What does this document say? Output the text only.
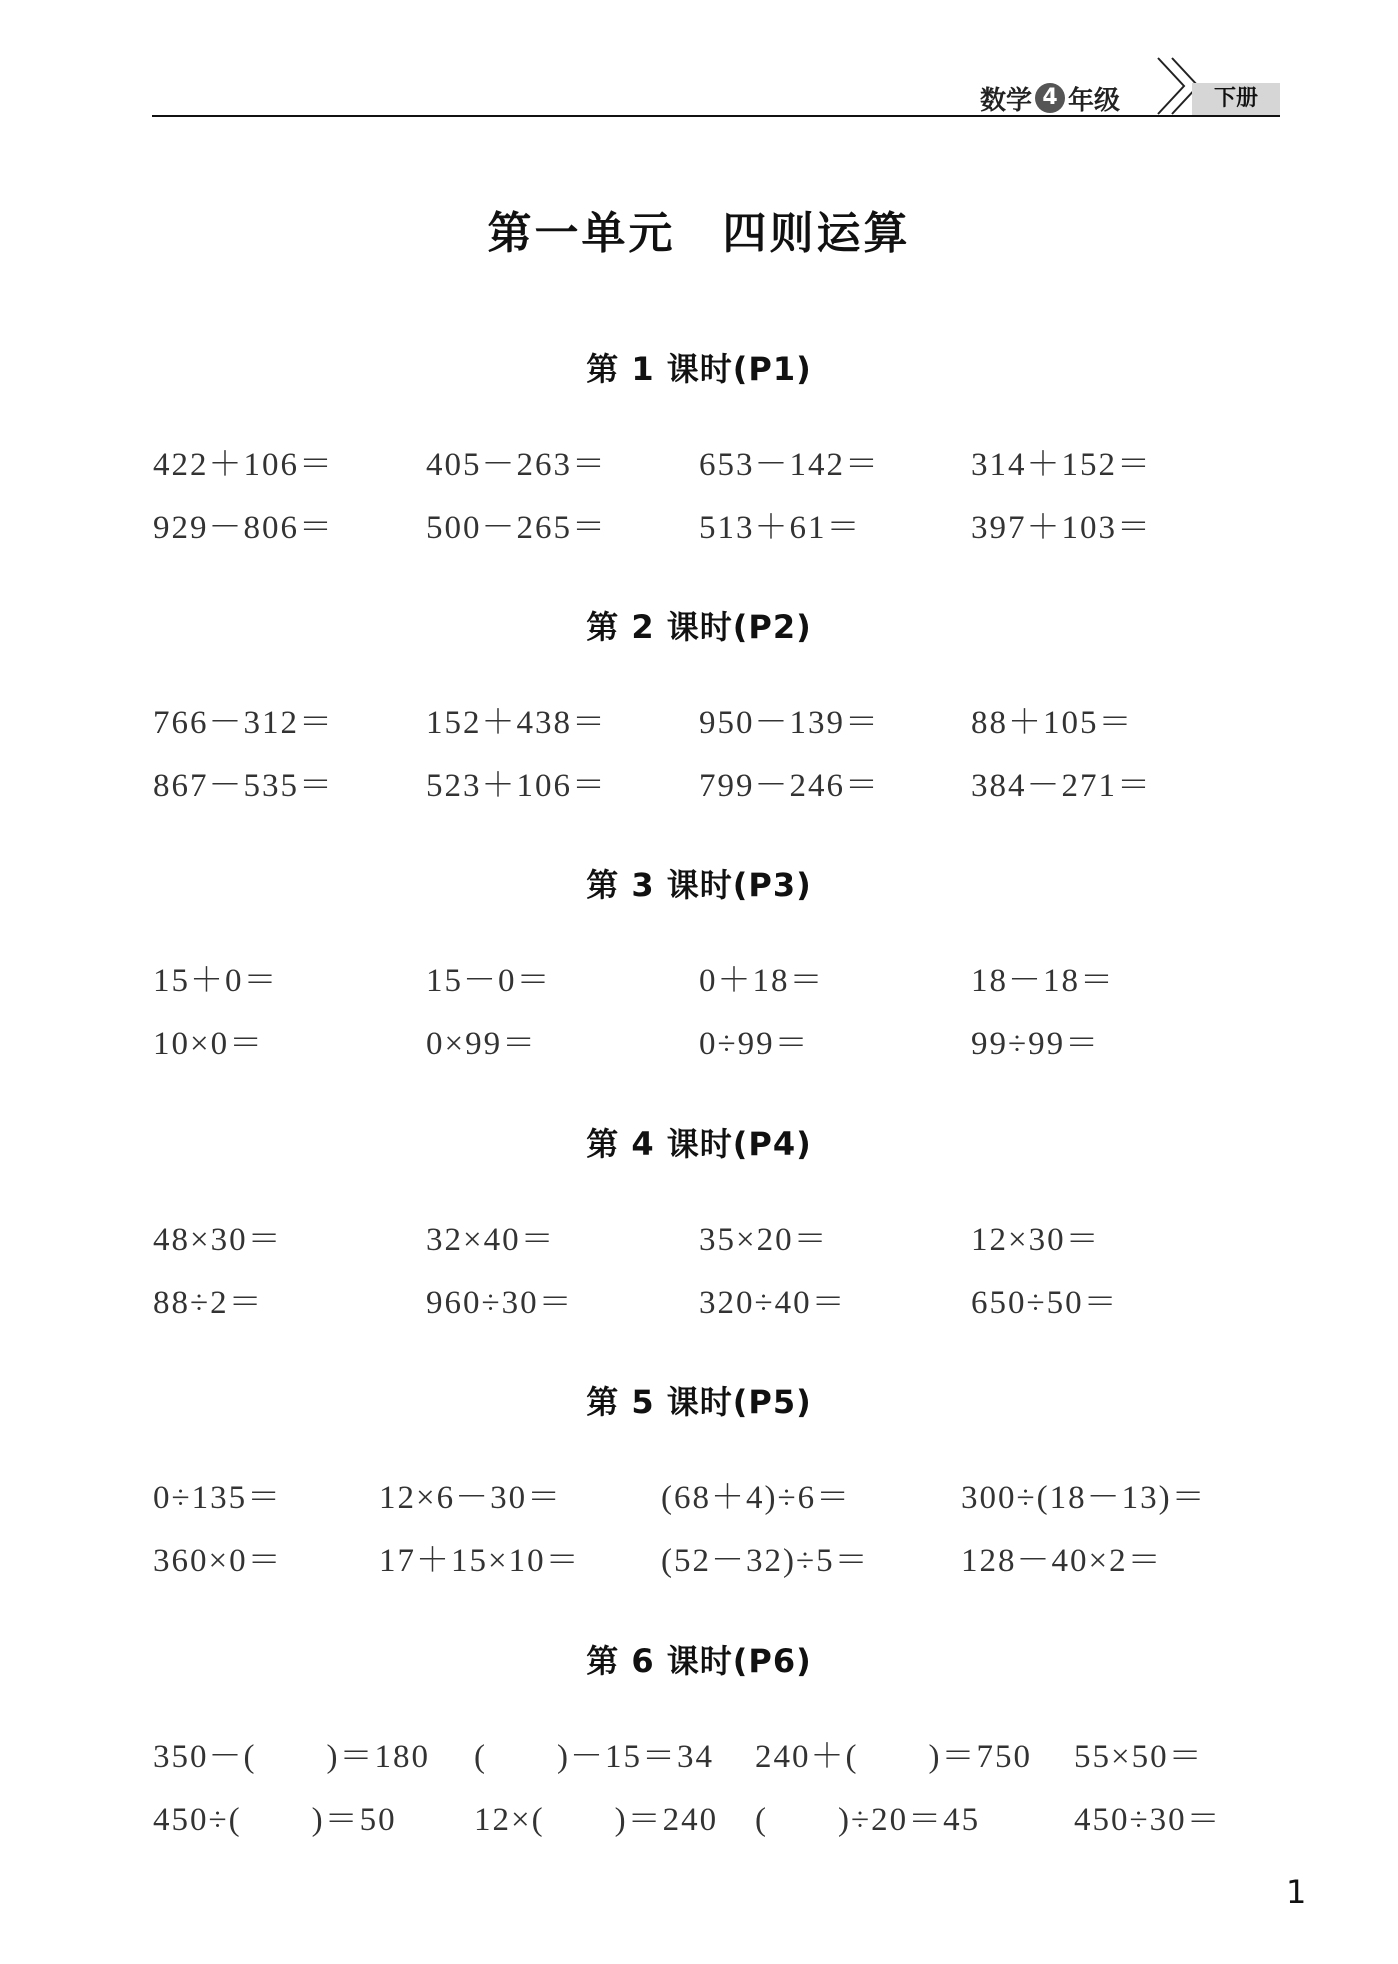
数学 4 年级	下册
第一单元　四则运算
第 1 课时(P1)
422＋106＝	405－263＝	653－142＝	314＋152＝
929－806＝	500－265＝	513＋61＝	397＋103＝
第 2 课时(P2)
766－312＝	152＋438＝	950－139＝	88＋105＝
867－535＝	523＋106＝	799－246＝	384－271＝
第 3 课时(P3)
15＋0＝	15－0＝	0＋18＝	18－18＝
10×0＝	0×99＝	0÷99＝	99÷99＝
第 4 课时(P4)
48×30＝	32×40＝	35×20＝	12×30＝
88÷2＝	960÷30＝	320÷40＝	650÷50＝
第 5 课时(P5)
0÷135＝	12×6－30＝	(68＋4)÷6＝	300÷(18－13)＝
360×0＝	17＋15×10＝ (52－32)÷5＝	128－40×2＝
第 6 课时(P6)
350－(　　)＝180 (　　)－15＝34 240＋(　　)＝750 55×50＝
450÷(　　)＝50 12×(　　)＝240 (　　)÷20＝45	450÷30＝
1
